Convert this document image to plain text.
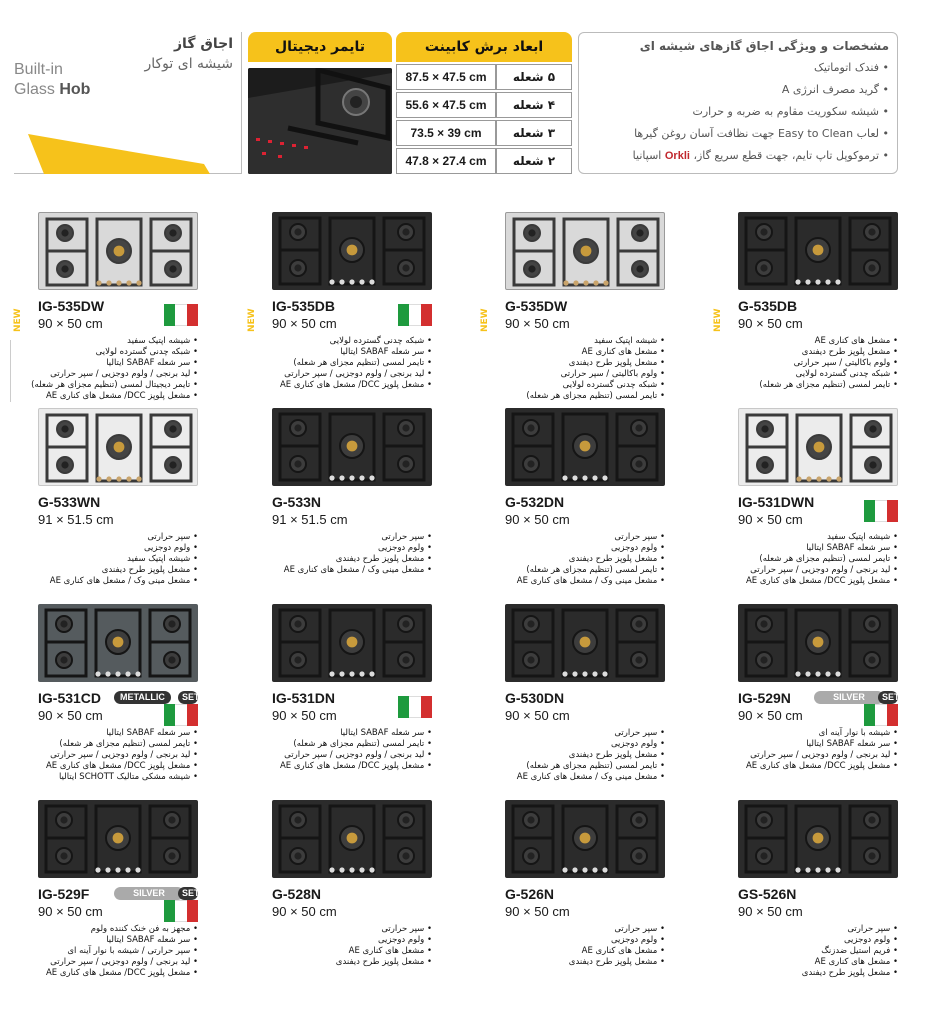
اجاق گاز
شیشه ای توکار
Built-in
Glass Hob
تایمر دیجیتال	ابعاد برش کابینت
87.5 × 47.5 cm	۵ شعله
55.6 × 47.5 cm	۴ شعله
73.5 × 39 cm	۳ شعله
47.8 × 27.4 cm	۲ شعله
مشخصات و ویژگی اجاق گازهای شیشه ای
• فندک اتوماتیک
• گرید مصرف انرژی A
• شیشه سکوریت مقاوم به ضربه و حرارت
• لعاب Easy to Clean جهت نظافت آسان روغن گیرها
• ترموکوپل تاپ تایم، جهت قطع سریع گاز، Orkli اسپانیا
NEW
IG-535DW
90 × 50 cm
• شیشه اپتیک سفید
• شبکه چدنی گسترده لولایی
• سر شعله SABAF ایتالیا
• لید برنجی / ولوم دوجزیی / سپر حرارتی
• تایمر دیجیتال لمسی (تنظیم مجزای هر شعله)
• مشعل پلوپز DCC/ مشعل های کناری AE
NEW
IG-535DB
90 × 50 cm
• شبکه چدنی گسترده لولایی
• سر شعله SABAF ایتالیا
• تایمر لمسی (تنظیم مجزای هر شعله)
• لید برنجی / ولوم دوجزیی / سپر حرارتی
• مشعل پلوپز DCC/ مشعل های کناری AE
NEW
G-535DW
90 × 50 cm
• شیشه اپتیک سفید
• مشعل های کناری AE
• مشعل پلوپز طرح دیفندی
• ولوم باکالیتی / سپر حرارتی
• شبکه چدنی گسترده لولایی
• تایمر لمسی (تنظیم مجزای هر شعله)
NEW
G-535DB
90 × 50 cm
• مشعل های کناری AE
• مشعل پلوپز طرح دیفندی
• ولوم باکالیتی / سپر حرارتی
• شبکه چدنی گسترده لولایی
• تایمر لمسی (تنظیم مجزای هر شعله)
G-533WN
91 × 51.5 cm
• سپر حرارتی
• ولوم دوجزیی
• شیشه اپتیک سفید
• مشعل پلوپز طرح دیفندی
• مشعل مینی وک / مشعل های کناری AE
G-533N
91 × 51.5 cm
• سپر حرارتی
• ولوم دوجزیی
• مشعل پلوپز طرح دیفندی
• مشعل مینی وک / مشعل های کناری AE
G-532DN
90 × 50 cm
• سپر حرارتی
• ولوم دوجزیی
• مشعل پلوپز طرح دیفندی
• تایمر لمسی (تنظیم مجزای هر شعله)
• مشعل مینی وک / مشعل های کناری AE
IG-531DWN
90 × 50 cm
• شیشه اپتیک سفید
• سر شعله SABAF ایتالیا
• تایمر لمسی (تنظیم مجزای هر شعله)
• لید برنجی / ولوم دوجزیی / سپر حرارتی
• مشعل پلوپز DCC/ مشعل های کناری AE
IG-531CD
90 × 50 cm
METALLIC	SET
• سر شعله SABAF ایتالیا
• تایمر لمسی (تنظیم مجزای هر شعله)
• لید برنجی / ولوم دوجزیی / سپر حرارتی
• مشعل پلوپز DCC/ مشعل های کناری AE
• شیشه مشکی متالیک SCHOTT ایتالیا
IG-531DN
90 × 50 cm
• سر شعله SABAF ایتالیا
• تایمر لمسی (تنظیم مجزای هر شعله)
• لید برنجی / ولوم دوجزیی / سپر حرارتی
• مشعل پلوپز DCC/ مشعل های کناری AE
G-530DN
90 × 50 cm
• سپر حرارتی
• ولوم دوجزیی
• مشعل پلوپز طرح دیفندی
• تایمر لمسی (تنظیم مجزای هر شعله)
• مشعل مینی وک / مشعل های کناری AE
IG-529N
90 × 50 cm
SILVER	SET
• شیشه با نوار آینه ای
• سر شعله SABAF ایتالیا
• لید برنجی / ولوم دوجزیی / سپر حرارتی
• مشعل پلوپز DCC/ مشعل های کناری AE
IG-529F
90 × 50 cm
SILVER	SET
• مجهز به فن خنک کننده ولوم
• سر شعله SABAF ایتالیا
• سپر حرارتی / شیشه با نوار آینه ای
• لید برنجی / ولوم دوجزیی / سپر حرارتی
• مشعل پلوپز DCC/ مشعل های کناری AE
G-528N
90 × 50 cm
• سپر حرارتی
• ولوم دوجزیی
• مشعل های کناری AE
• مشعل پلوپز طرح دیفندی
G-526N
90 × 50 cm
• سپر حرارتی
• ولوم دوجزیی
• مشعل های کناری AE
• مشعل پلوپز طرح دیفندی
GS-526N
90 × 50 cm
• سپر حرارتی
• ولوم دوجزیی
• فریم استیل ضدزنگ
• مشعل های کناری AE
• مشعل پلوپز طرح دیفندی
